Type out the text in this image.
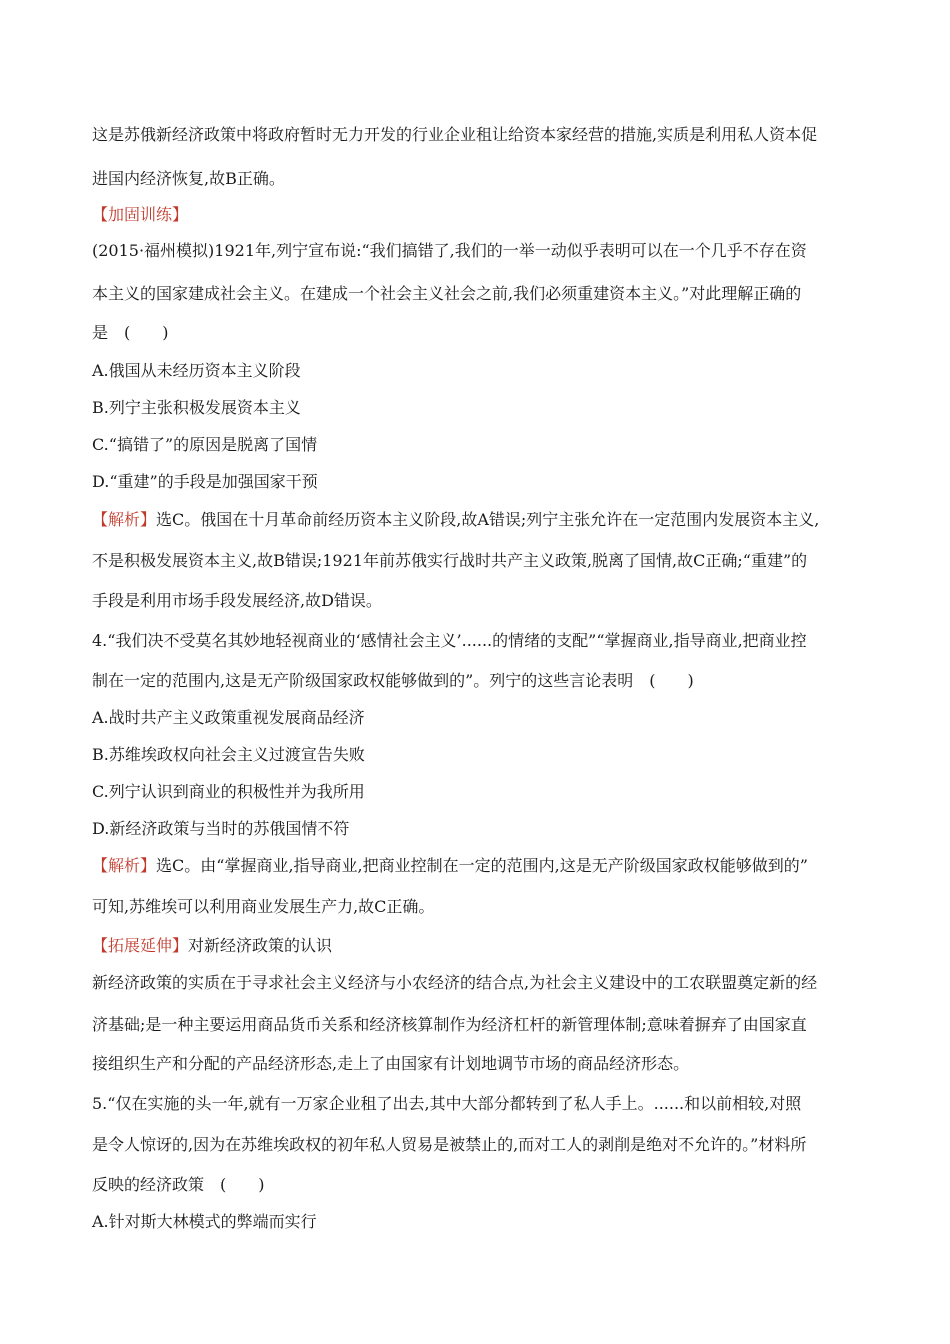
这是苏俄新经济政策中将政府暂时无力开发的行业企业租让给资本家经营的措施,实质是利用私人资本促
进国内经济恢复,故B正确。
【加固训练】
(2015·福州模拟)1921年,列宁宣布说:“我们搞错了,我们的一举一动似乎表明可以在一个几乎不存在资
本主义的国家建成社会主义。在建成一个社会主义社会之前,我们必须重建资本主义。”对此理解正确的
是　(　　)
A.俄国从未经历资本主义阶段
B.列宁主张积极发展资本主义
C.“搞错了”的原因是脱离了国情
D.“重建”的手段是加强国家干预
【解析】选C。俄国在十月革命前经历资本主义阶段,故A错误;列宁主张允许在一定范围内发展资本主义,
不是积极发展资本主义,故B错误;1921年前苏俄实行战时共产主义政策,脱离了国情,故C正确;“重建”的
手段是利用市场手段发展经济,故D错误。
4.“我们决不受莫名其妙地轻视商业的‘感情社会主义’......的情绪的支配”“掌握商业,指导商业,把商业控
制在一定的范围内,这是无产阶级国家政权能够做到的”。列宁的这些言论表明　(　　)
A.战时共产主义政策重视发展商品经济
B.苏维埃政权向社会主义过渡宣告失败
C.列宁认识到商业的积极性并为我所用
D.新经济政策与当时的苏俄国情不符
【解析】选C。由“掌握商业,指导商业,把商业控制在一定的范围内,这是无产阶级国家政权能够做到的”
可知,苏维埃可以利用商业发展生产力,故C正确。
【拓展延伸】对新经济政策的认识
新经济政策的实质在于寻求社会主义经济与小农经济的结合点,为社会主义建设中的工农联盟奠定新的经
济基础;是一种主要运用商品货币关系和经济核算制作为经济杠杆的新管理体制;意味着摒弃了由国家直
接组织生产和分配的产品经济形态,走上了由国家有计划地调节市场的商品经济形态。
5.“仅在实施的头一年,就有一万家企业租了出去,其中大部分都转到了私人手上。......和以前相较,对照
是令人惊讶的,因为在苏维埃政权的初年私人贸易是被禁止的,而对工人的剥削是绝对不允许的。”材料所
反映的经济政策　(　　)
A.针对斯大林模式的弊端而实行
